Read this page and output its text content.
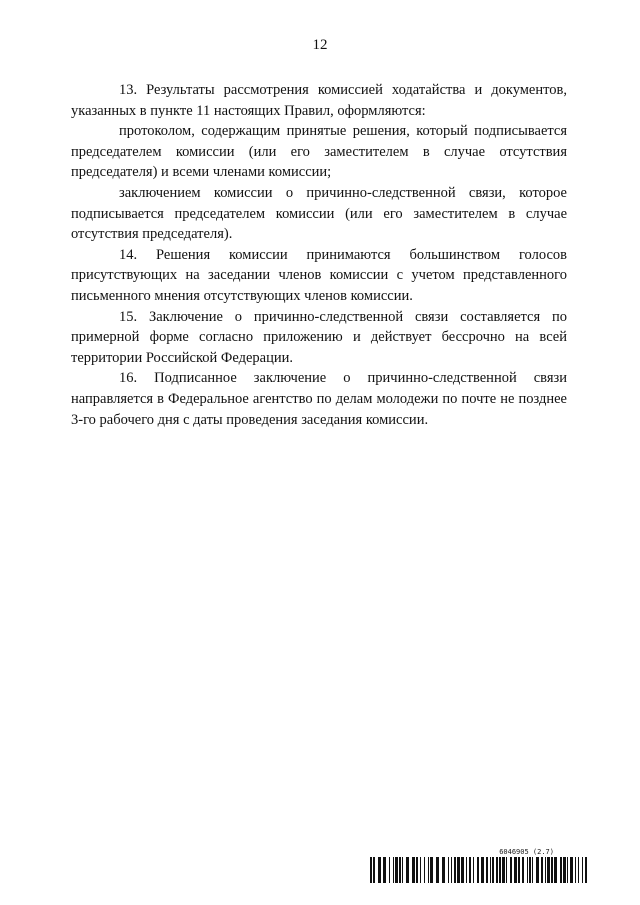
12

13. Результаты рассмотрения комиссией ходатайства и документов, указанных в пункте 11 настоящих Правил, оформляются:

протоколом, содержащим принятые решения, который подписывается председателем комиссии (или его заместителем в случае отсутствия председателя) и всеми членами комиссии;

заключением комиссии о причинно-следственной связи, которое подписывается председателем комиссии (или его заместителем в случае отсутствия председателя).

14. Решения комиссии принимаются большинством голосов присутствующих на заседании членов комиссии с учетом представленного письменного мнения отсутствующих членов комиссии.

15. Заключение о причинно-следственной связи составляется по примерной форме согласно приложению и действует бессрочно на всей территории Российской Федерации.

16. Подписанное заключение о причинно-следственной связи направляется в Федеральное агентство по делам молодежи по почте не позднее 3-го рабочего дня с даты проведения заседания комиссии.

6046905 (2.7)
